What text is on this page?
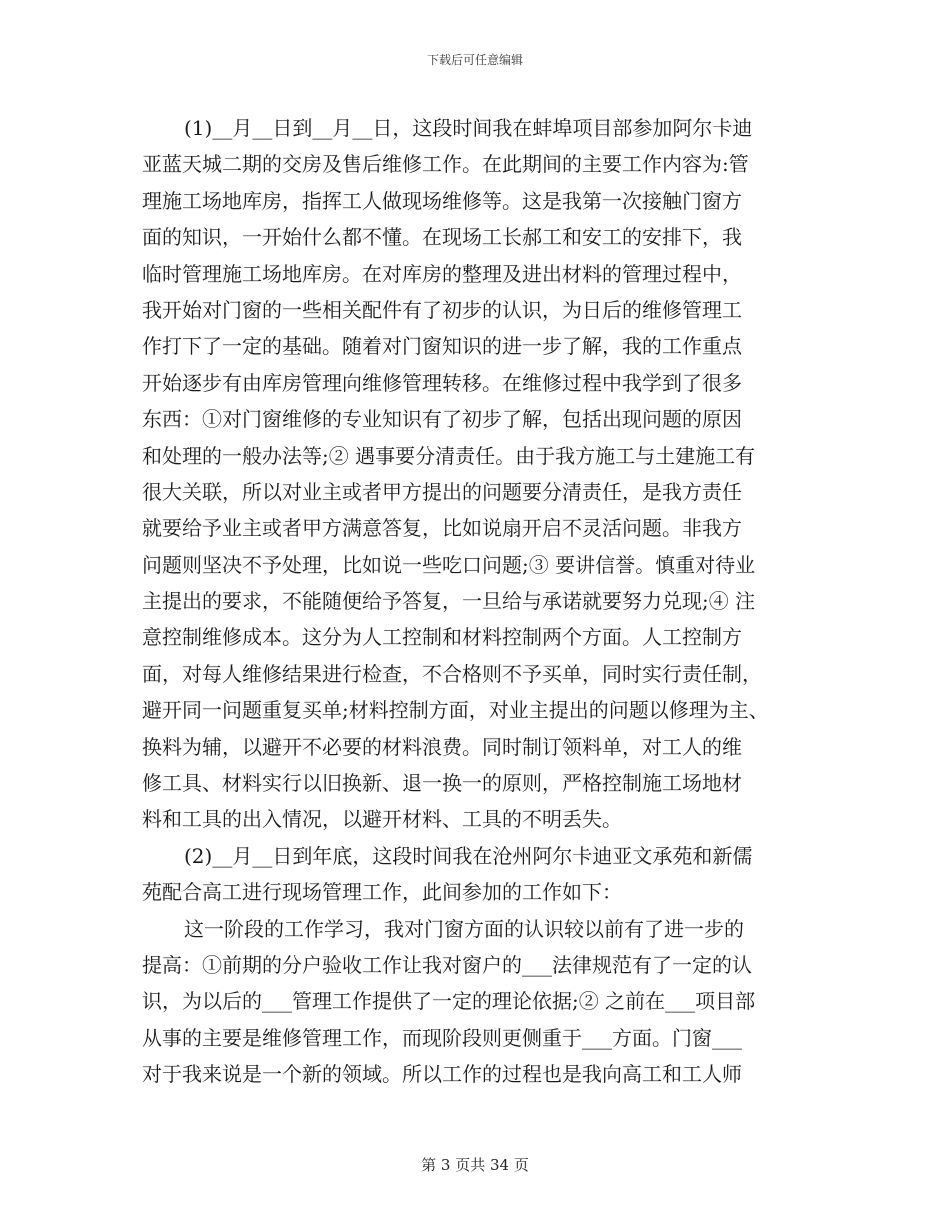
下载后可任意编辑
(1)__月__日到__月__日，这段时间我在蚌埠项目部参加阿尔卡迪
亚蓝天城二期的交房及售后维修工作。在此期间的主要工作内容为:管
理施工场地库房，指挥工人做现场维修等。这是我第一次接触门窗方
面的知识，一开始什么都不懂。在现场工长郝工和安工的安排下，我
临时管理施工场地库房。在对库房的整理及进出材料的管理过程中，
我开始对门窗的一些相关配件有了初步的认识，为日后的维修管理工
作打下了一定的基础。随着对门窗知识的进一步了解，我的工作重点
开始逐步有由库房管理向维修管理转移。在维修过程中我学到了很多
东西：①对门窗维修的专业知识有了初步了解，包括出现问题的原因
和处理的一般办法等;② 遇事要分清责任。由于我方施工与土建施工有
很大关联，所以对业主或者甲方提出的问题要分清责任，是我方责任
就要给予业主或者甲方满意答复，比如说扇开启不灵活问题。非我方
问题则坚决不予处理，比如说一些吃口问题;③ 要讲信誉。慎重对待业
主提出的要求，不能随便给予答复，一旦给与承诺就要努力兑现;④ 注
意控制维修成本。这分为人工控制和材料控制两个方面。人工控制方
面，对每人维修结果进行检查，不合格则不予买单，同时实行责任制，
避开同一问题重复买单;材料控制方面，对业主提出的问题以修理为主、
换料为辅，以避开不必要的材料浪费。同时制订领料单，对工人的维
修工具、材料实行以旧换新、退一换一的原则，严格控制施工场地材
料和工具的出入情况，以避开材料、工具的不明丢失。
(2)__月__日到年底，这段时间我在沧州阿尔卡迪亚文承苑和新儒
苑配合高工进行现场管理工作，此间参加的工作如下：
这一阶段的工作学习，我对门窗方面的认识较以前有了进一步的
提高：①前期的分户验收工作让我对窗户的___法律规范有了一定的认
识，为以后的___管理工作提供了一定的理论依据;② 之前在___项目部
从事的主要是维修管理工作，而现阶段则更侧重于___方面。门窗___
对于我来说是一个新的领域。所以工作的过程也是我向高工和工人师
第 3 页共 34 页
